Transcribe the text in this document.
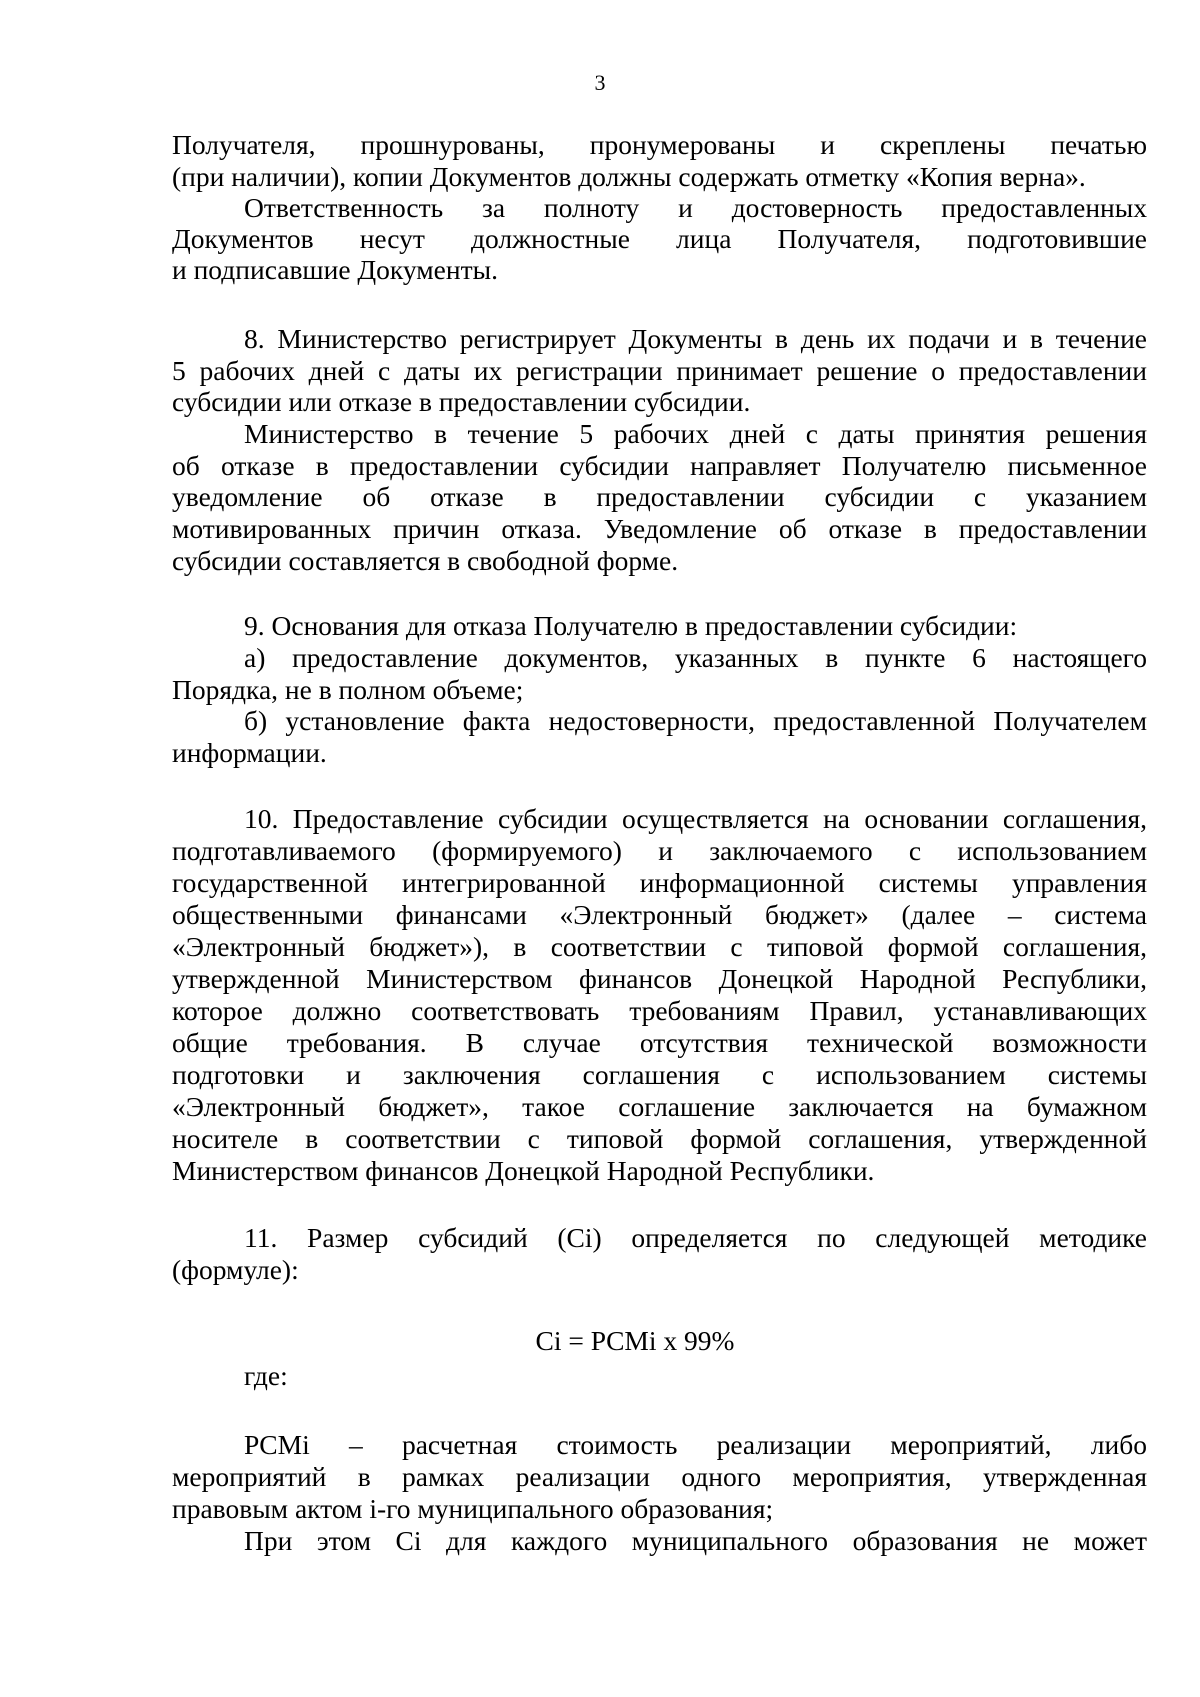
3
Получателя, прошнурованы, пронумерованы и скреплены печатью
(при наличии), копии Документов должны содержать отметку «Копия верна».
Ответственность за полноту и достоверность предоставленных
Документов несут должностные лица Получателя, подготовившие
и подписавшие Документы.
8. Министерство регистрирует Документы в день их подачи и в течение
5 рабочих дней с даты их регистрации принимает решение о предоставлении
субсидии или отказе в предоставлении субсидии.
Министерство в течение 5 рабочих дней с даты принятия решения
об отказе в предоставлении субсидии направляет Получателю письменное
уведомление об отказе в предоставлении субсидии с указанием
мотивированных причин отказа. Уведомление об отказе в предоставлении
субсидии составляется в свободной форме.
9. Основания для отказа Получателю в предоставлении субсидии:
а) предоставление документов, указанных в пункте 6 настоящего
Порядка, не в полном объеме;
б) установление факта недостоверности, предоставленной Получателем
информации.
10. Предоставление субсидии осуществляется на основании соглашения,
подготавливаемого (формируемого) и заключаемого с использованием
государственной интегрированной информационной системы управления
общественными финансами «Электронный бюджет» (далее – система
«Электронный бюджет»), в соответствии с типовой формой соглашения,
утвержденной Министерством финансов Донецкой Народной Республики,
которое должно соответствовать требованиям Правил, устанавливающих
общие требования. В случае отсутствия технической возможности
подготовки и заключения соглашения с использованием системы
«Электронный бюджет», такое соглашение заключается на бумажном
носителе в соответствии с типовой формой соглашения, утвержденной
Министерством финансов Донецкой Народной Республики.
11. Размер субсидий (Ci) определяется по следующей методике
(формуле):
Ci = PCMi x 99%
где:
PCMi – расчетная стоимость реализации мероприятий, либо
мероприятий в рамках реализации одного мероприятия, утвержденная
правовым актом i-го муниципального образования;
При этом Ci для каждого муниципального образования не может
